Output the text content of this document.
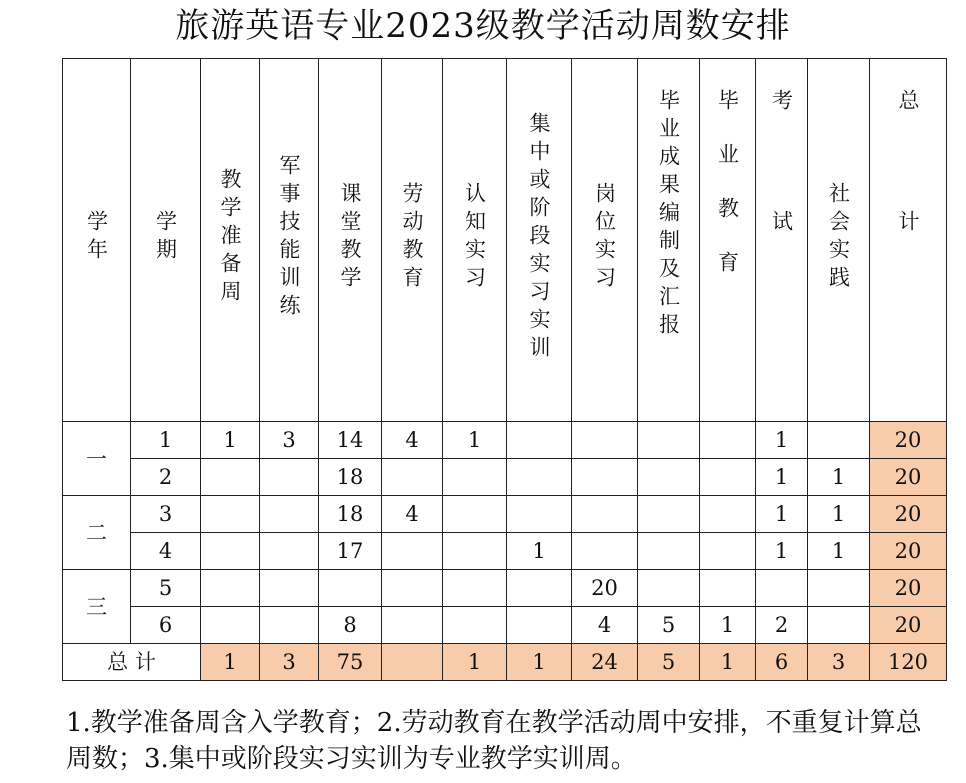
旅游英语专业2023级教学活动周数安排
学年	学期	教学准备周	军事技能训练	课堂教学	劳动教育	认知实习	集中或阶段实习实训	岗位实习	毕业成果编制及汇报	毕业教育	考试	社会实践	总计
一	1	1	3	14	4	1					1		20
	2			18							1	1	20
二	3			18	4						1	1	20
	4			17			1				1	1	20
三	5							20					20
	6			8				4	5	1	2		20
总 计		1	3	75		1	1	24	5	1	6	3	120
1.教学准备周含入学教育；2.劳动教育在教学活动周中安排，不重复计算总周数；3.集中或阶段实习实训为专业教学实训周。
